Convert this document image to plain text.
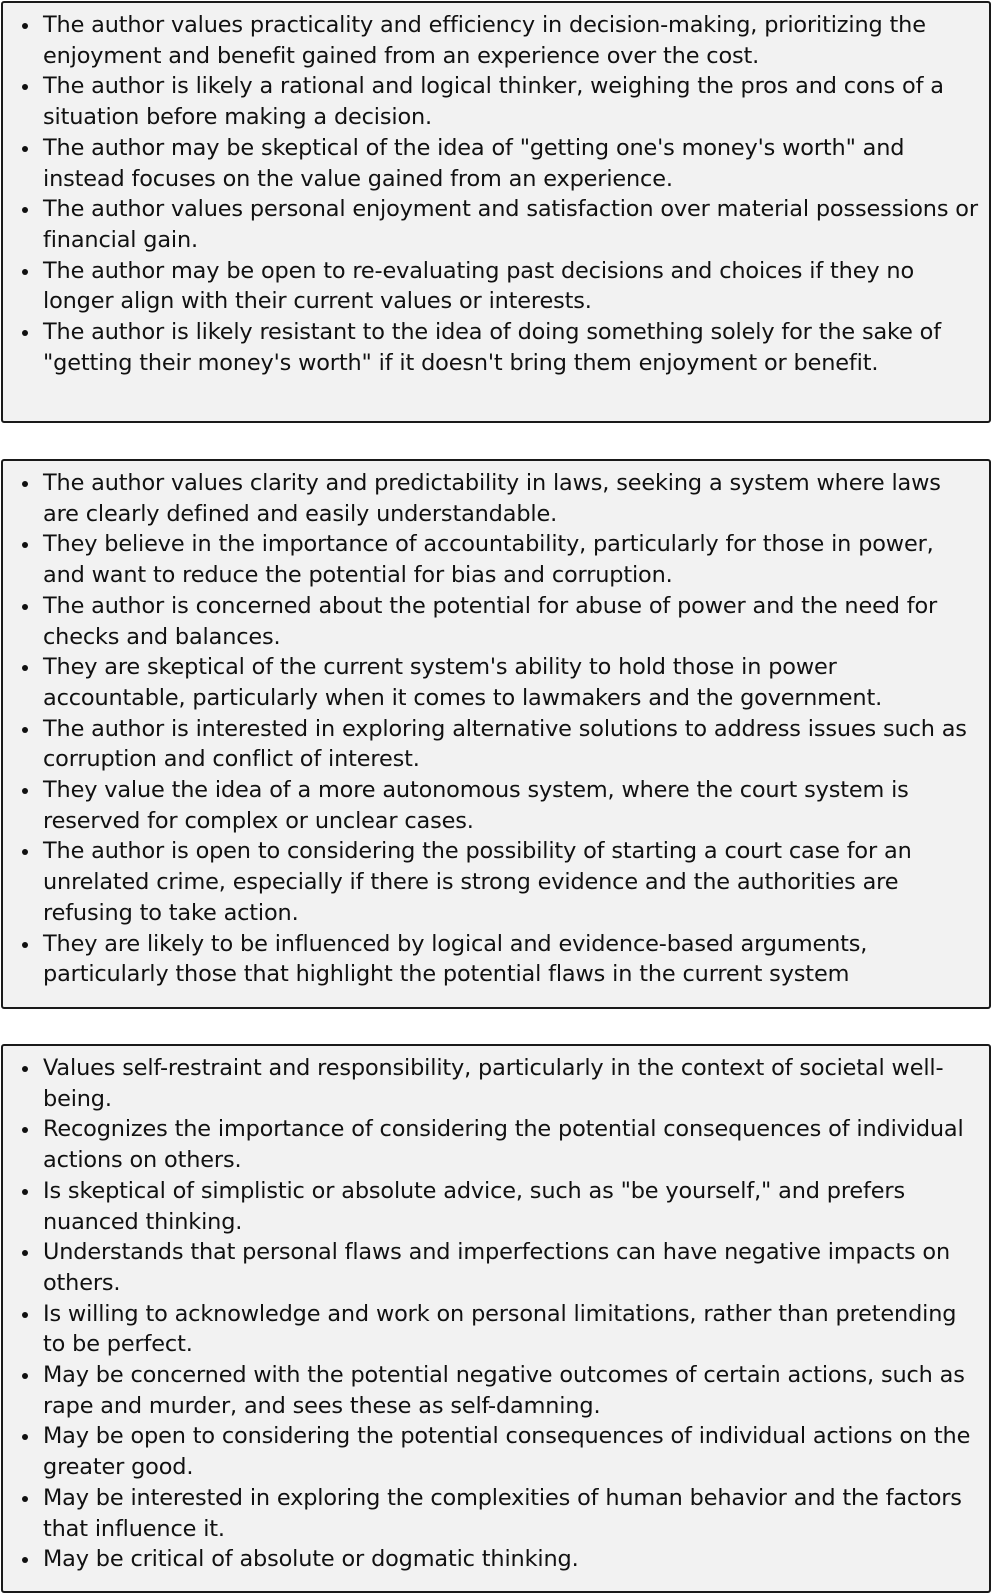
The author values practicality and efficiency in decision-making, prioritizing the enjoyment and benefit gained from an experience over the cost.
The author is likely a rational and logical thinker, weighing the pros and cons of a situation before making a decision.
The author may be skeptical of the idea of "getting one's money's worth" and instead focuses on the value gained from an experience.
The author values personal enjoyment and satisfaction over material possessions or financial gain.
The author may be open to re-evaluating past decisions and choices if they no longer align with their current values or interests.
The author is likely resistant to the idea of doing something solely for the sake of "getting their money's worth" if it doesn't bring them enjoyment or benefit.
The author values clarity and predictability in laws, seeking a system where laws are clearly defined and easily understandable.
They believe in the importance of accountability, particularly for those in power, and want to reduce the potential for bias and corruption.
The author is concerned about the potential for abuse of power and the need for checks and balances.
They are skeptical of the current system's ability to hold those in power accountable, particularly when it comes to lawmakers and the government.
The author is interested in exploring alternative solutions to address issues such as corruption and conflict of interest.
They value the idea of a more autonomous system, where the court system is reserved for complex or unclear cases.
The author is open to considering the possibility of starting a court case for an unrelated crime, especially if there is strong evidence and the authorities are refusing to take action.
They are likely to be influenced by logical and evidence-based arguments, particularly those that highlight the potential flaws in the current system
Values self-restraint and responsibility, particularly in the context of societal well-being.
Recognizes the importance of considering the potential consequences of individual actions on others.
Is skeptical of simplistic or absolute advice, such as "be yourself," and prefers nuanced thinking.
Understands that personal flaws and imperfections can have negative impacts on others.
Is willing to acknowledge and work on personal limitations, rather than pretending to be perfect.
May be concerned with the potential negative outcomes of certain actions, such as rape and murder, and sees these as self-damning.
May be open to considering the potential consequences of individual actions on the greater good.
May be interested in exploring the complexities of human behavior and the factors that influence it.
May be critical of absolute or dogmatic thinking.
